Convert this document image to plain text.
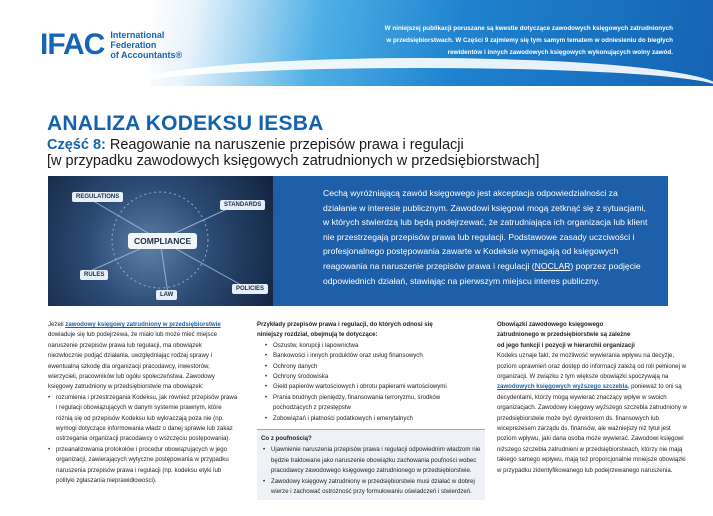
IFAC International
Federation
of Accountants®
W niniejszej publikacji poruszane są kwestie dotyczące zawodowych księgowych zatrudnionych
w przedsiębiorstwach. W Części 9 zajmiemy się tym samym tematem w odniesieniu do biegłych
rewidentów i innych zawodowych księgowych wykonujących wolny zawód.
ANALIZA KODEKSU IESBA
Część 8: Reagowanie na naruszenie przepisów prawa i regulacji
[w przypadku zawodowych księgowych zatrudnionych w przedsiębiorstwach]
REGULATIONS
STANDARDS
COMPLIANCE
RULES
LAW
POLICIES
Cechą wyróżniającą zawód księgowego jest akceptacja odpowiedzialności za działanie w interesie publicznym. Zawodowi księgowi mogą zetknąć się z sytuacjami, w których stwierdzą lub będą podejrzewać, że zatrudniająca ich organizacja lub klient nie przestrzegają przepisów prawa lub regulacji. Podstawowe zasady uczciwości i profesjonalnego postępowania zawarte w Kodeksie wymagają od księgowych reagowania na naruszenie przepisów prawa i regulacji (NOCLAR) poprzez podjęcie odpowiednich działań, stawiając na pierwszym miejscu interes publiczny.

Jeżeli zawodowy księgowy zatrudniony w przedsiębiorstwie dowiaduje się lub podejrzewa, że miało lub może mieć miejsce naruszenie przepisów prawa lub regulacji, ma obowiązek niezwłocznie podjąć działania, uwzględniając rodzaj sprawy i ewentualną szkodę dla organizacji pracodawcy, inwestorów, wierzycieli, pracowników lub ogółu społeczeństwa. Zawodowy księgowy zatrudniony w przedsiębiorstwie ma obowiązek:

• rozumienia i przestrzegania Kodeksu, jak również przepisów prawa i regulacji obowiązujących w danym systemie prawnym, które różnią się od przepisów Kodeksu lub wykraczają poza nie (np. wymogi dotyczące informowania władz o danej sprawie lub zakaz ostrzegania organizacji pracodawcy o wszczęciu postępowania).
• przeanalizowania protokołów i procedur obowiązujących w jego organizacji, zawierających wytyczne postępowania w przypadku naruszenia przepisów prawa i regulacji (np. kodeksu etyki lub polityki zgłaszania nieprawidłowości).
Przykłady przepisów prawa i regulacji, do których odnosi się
niniejszy rozdział, obejmują te dotyczące:
• Oszustw, korupcji i łapownictwa
• Bankowości i innych produktów oraz usług finansowych
• Ochrony danych
• Ochrony środowiska
• Giełd papierów wartościowych i obrotu papierami wartościowymi
• Prania brudnych pieniędzy, finansowania terroryzmu, środków
pochodzących z przestępstw
• Zobowiązań i płatności podatkowych i emerytalnych
Co z poufnością?
• Ujawnienie naruszenia przepisów prawa i regulacji odpowiednim władzom nie będzie traktowane jako naruszenie obowiązku zachowania poufności wobec pracodawcy zawodowego księgowego zatrudnionego w przedsiębiorstwie.
• Zawodowy księgowy zatrudniony w przedsiębiorstwie musi działać w dobrej wierze i zachować ostrożność przy formułowaniu oświadczeń i stwierdzeń.
Obowiązki zawodowego księgowego
zatrudnionego w przedsiębiorstwie są zależne
od jego funkcji i pozycji w hierarchii organizacji

Kodeks uznaje fakt, że możliwość wywierania wpływu na decyzje, poziom uprawnień oraz dostęp do informacji zależą od roli pełnionej w organizacji. W związku z tym większe obowiązki spoczywają na zawodowych księgowych wyższego szczebla, ponieważ to oni są decydentami, którzy mogą wywierać znaczący wpływ w swoich organizacjach. Zawodowy księgowy wyższego szczebla zatrudniony w przedsiębiorstwie może być dyrektorem ds. finansowych lub wiceprezesem zarządu ds. finansów, ale ważniejszy niż tytuł jest poziom wpływu, jaki dana osoba może wywierać. Zawodowi księgowi niższego szczebla zatrudnieni w przedsiębiorstwach, którzy nie mają takiego samego wpływu, mają też proporcjonalnie mniejsze obowiązki w przypadku zidentyfikowanego lub podejrzewanego naruszenia.
